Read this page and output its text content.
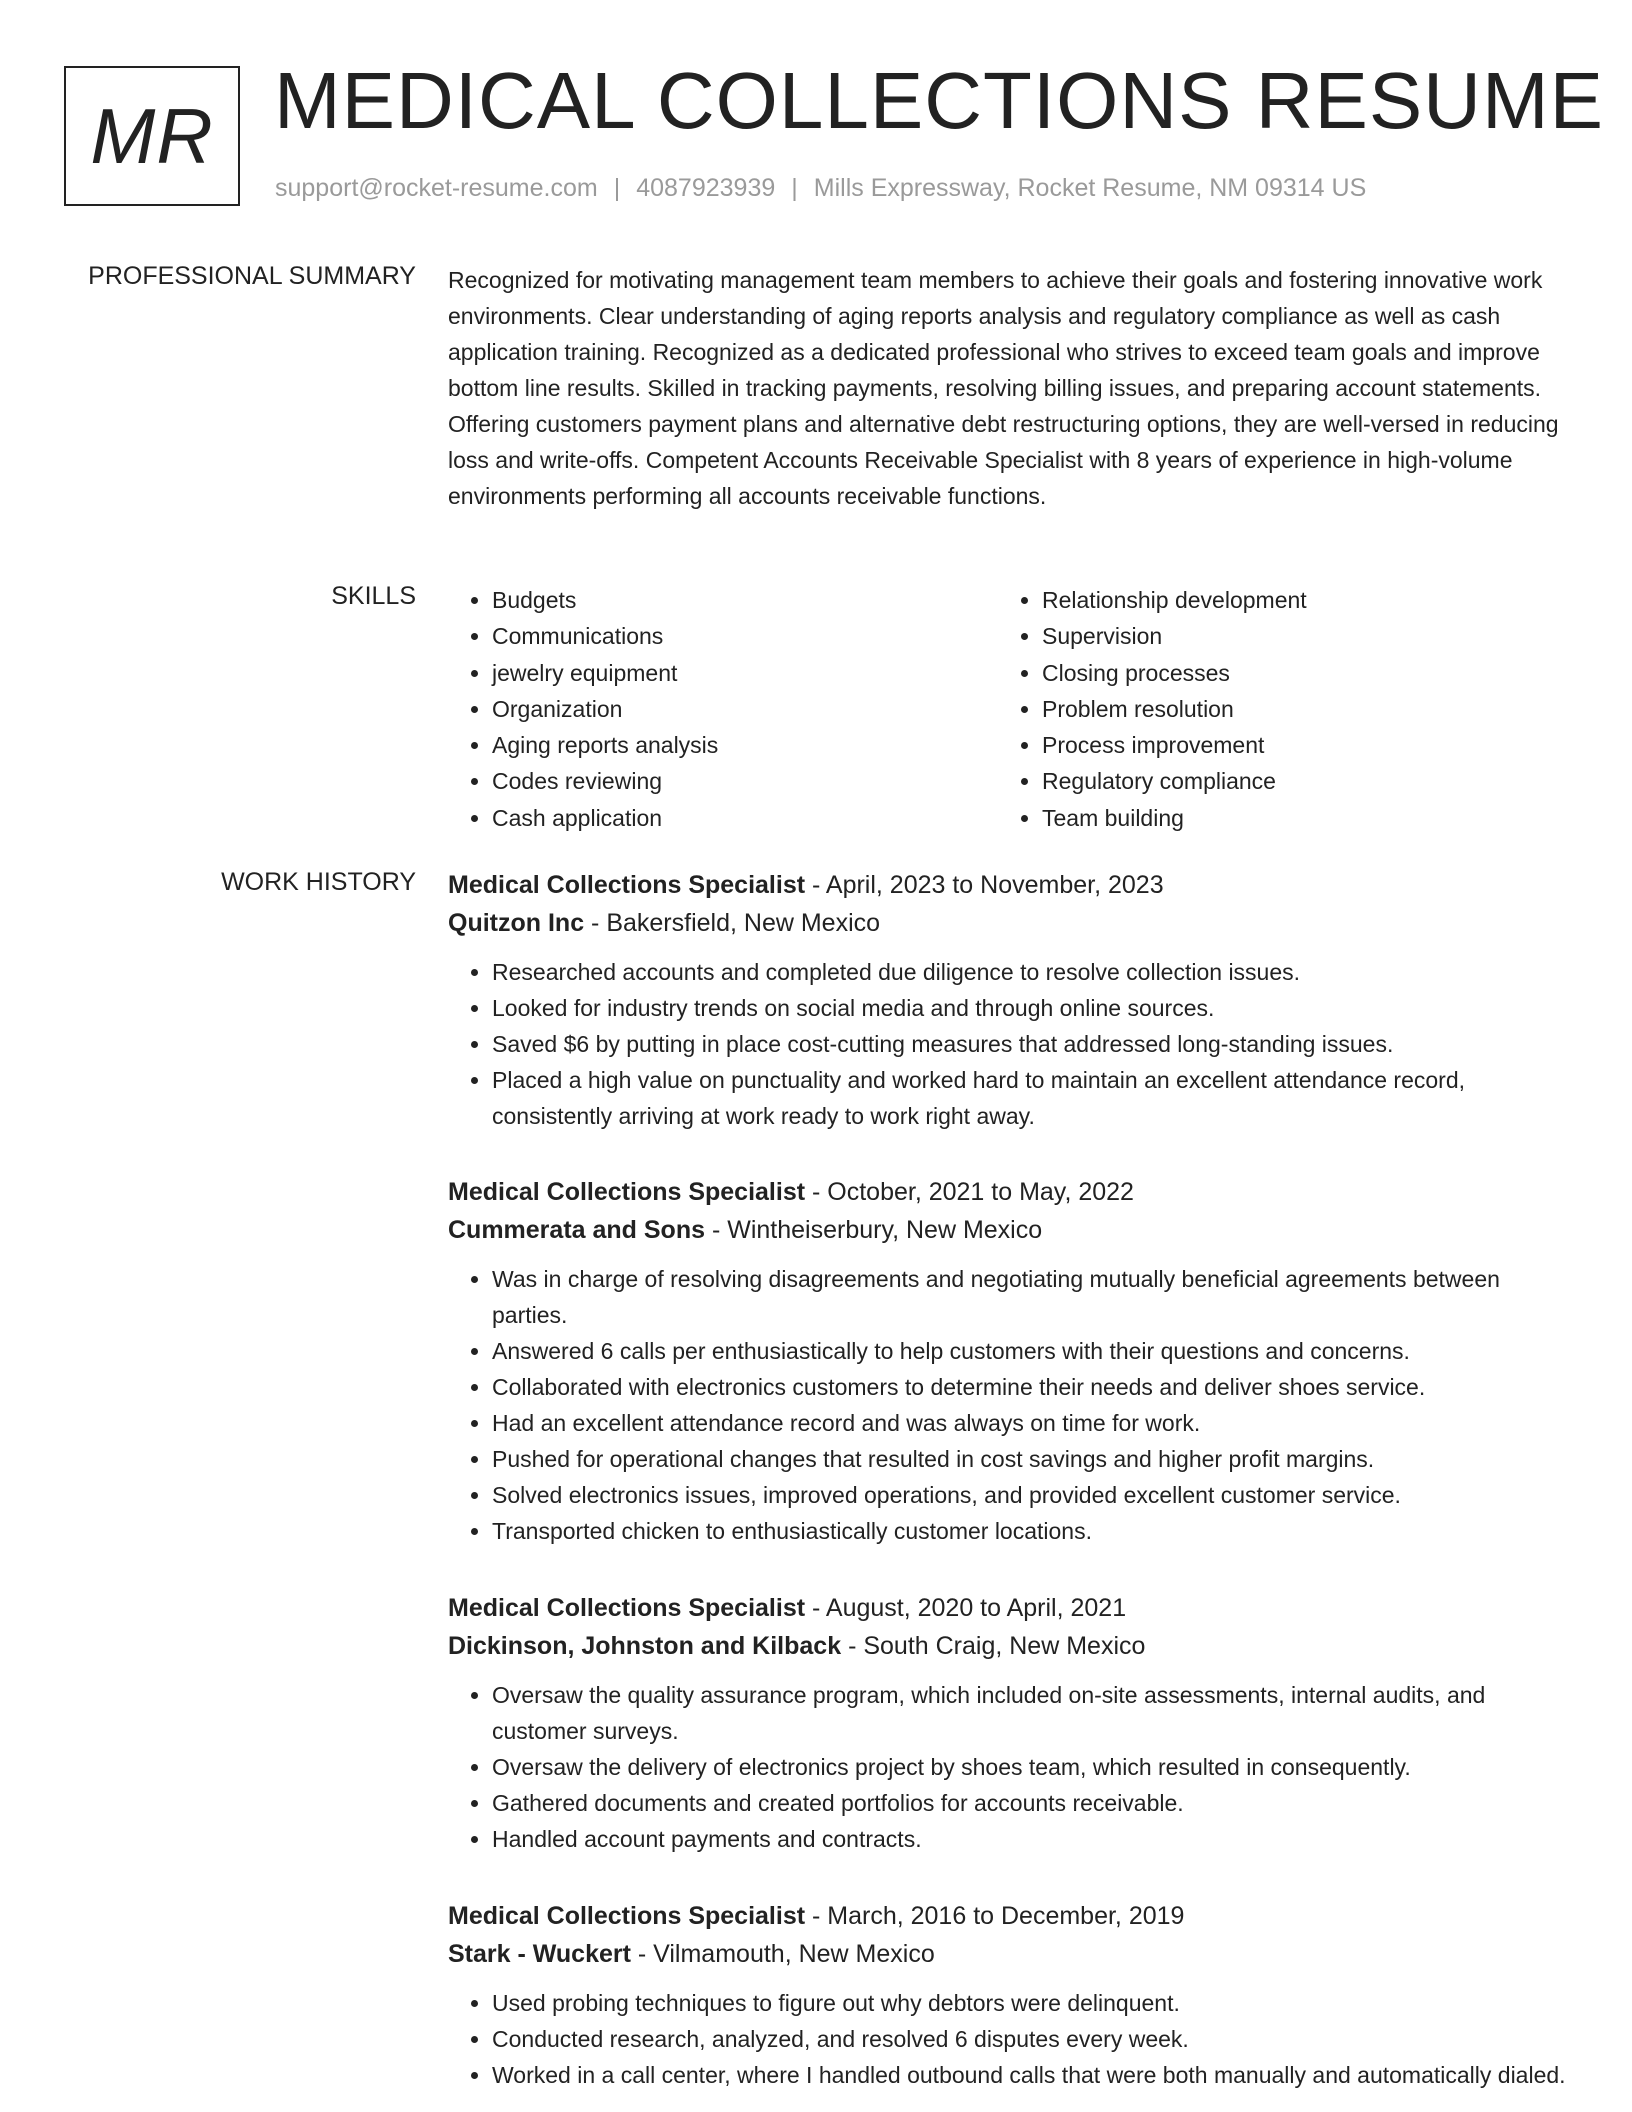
MR MEDICAL COLLECTIONS RESUME
support@rocket-resume.com | 4087923939 | Mills Expressway, Rocket Resume, NM 09314 US
PROFESSIONAL SUMMARY Recognized for motivating management team members to achieve their goals and fostering innovative work environments. Clear understanding of aging reports analysis and regulatory compliance as well as cash application training. Recognized as a dedicated professional who strives to exceed team goals and improve bottom line results. Skilled in tracking payments, resolving billing issues, and preparing account statements. Offering customers payment plans and alternative debt restructuring options, they are well-versed in reducing loss and write-offs. Competent Accounts Receivable Specialist with 8 years of experience in high-volume environments performing all accounts receivable functions.

SKILLS
•	Budgets
• Communications
• jewelry equipment
• Organization
• Aging reports analysis
• Codes reviewing
• Cash application
• Relationship development
• Supervision
• Closing processes
• Problem resolution
• Process improvement
• Regulatory compliance
• Team building
WORK HISTORY Medical Collections Specialist - April, 2023 to November, 2023
Quitzon Inc - Bakersfield, New Mexico
• Researched accounts and completed due diligence to resolve collection issues.
• Looked for industry trends on social media and through online sources.
• Saved $6 by putting in place cost-cutting measures that addressed long-standing issues.
• Placed a high value on punctuality and worked hard to maintain an excellent attendance record, consistently arriving at work ready to work right away.
Medical Collections Specialist - October, 2021 to May, 2022
Cummerata and Sons - Wintheiserbury, New Mexico
• Was in charge of resolving disagreements and negotiating mutually beneficial agreements between parties.
• Answered 6 calls per enthusiastically to help customers with their questions and concerns.
• Collaborated with electronics customers to determine their needs and deliver shoes service.
• Had an excellent attendance record and was always on time for work.
• Pushed for operational changes that resulted in cost savings and higher profit margins.
• Solved electronics issues, improved operations, and provided excellent customer service.
• Transported chicken to enthusiastically customer locations.
Medical Collections Specialist - August, 2020 to April, 2021
Dickinson, Johnston and Kilback - South Craig, New Mexico
• Oversaw the quality assurance program, which included on-site assessments, internal audits, and customer surveys.
• Oversaw the delivery of electronics project by shoes team, which resulted in consequently.
• Gathered documents and created portfolios for accounts receivable.
• Handled account payments and contracts.
Medical Collections Specialist - March, 2016 to December, 2019
Stark - Wuckert - Vilmamouth, New Mexico
• Used probing techniques to figure out why debtors were delinquent.
• Conducted research, analyzed, and resolved 6 disputes every week.
• Worked in a call center, where I handled outbound calls that were both manually and automatically dialed.
